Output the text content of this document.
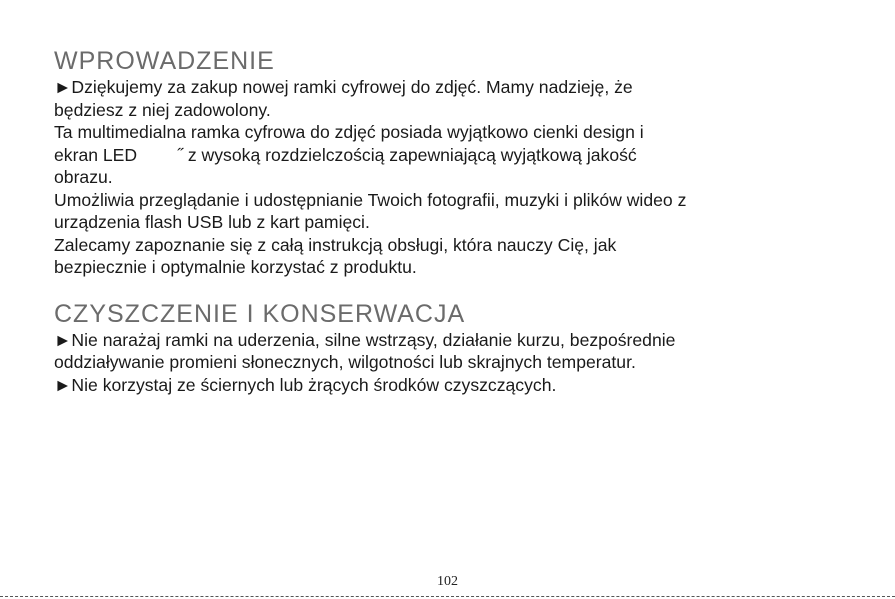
WPROWADZENIE

►Dziękujemy za zakup nowej ramki cyfrowej do zdjęć. Mamy nadzieję, że

będziesz z niej zadowolony.

Ta multimedialna ramka cyfrowa do zdjęć posiada wyjątkowo cienki design i

ekran LED ˝ z wysoką rozdzielczością zapewniającą wyjątkową jakość

obrazu.

Umożliwia przeglądanie i udostępnianie Twoich fotografii, muzyki i plików wideo z

urządzenia flash USB lub z kart pamięci.

Zalecamy zapoznanie się z całą instrukcją obsługi, która nauczy Cię, jak

bezpiecznie i optymalnie korzystać z produktu.

CZYSZCZENIE I KONSERWACJA

►Nie narażaj ramki na uderzenia, silne wstrząsy, działanie kurzu, bezpośrednie

oddziaływanie promieni słonecznych, wilgotności lub skrajnych temperatur.

►Nie korzystaj ze ściernych lub żrących środków czyszczących.

102
